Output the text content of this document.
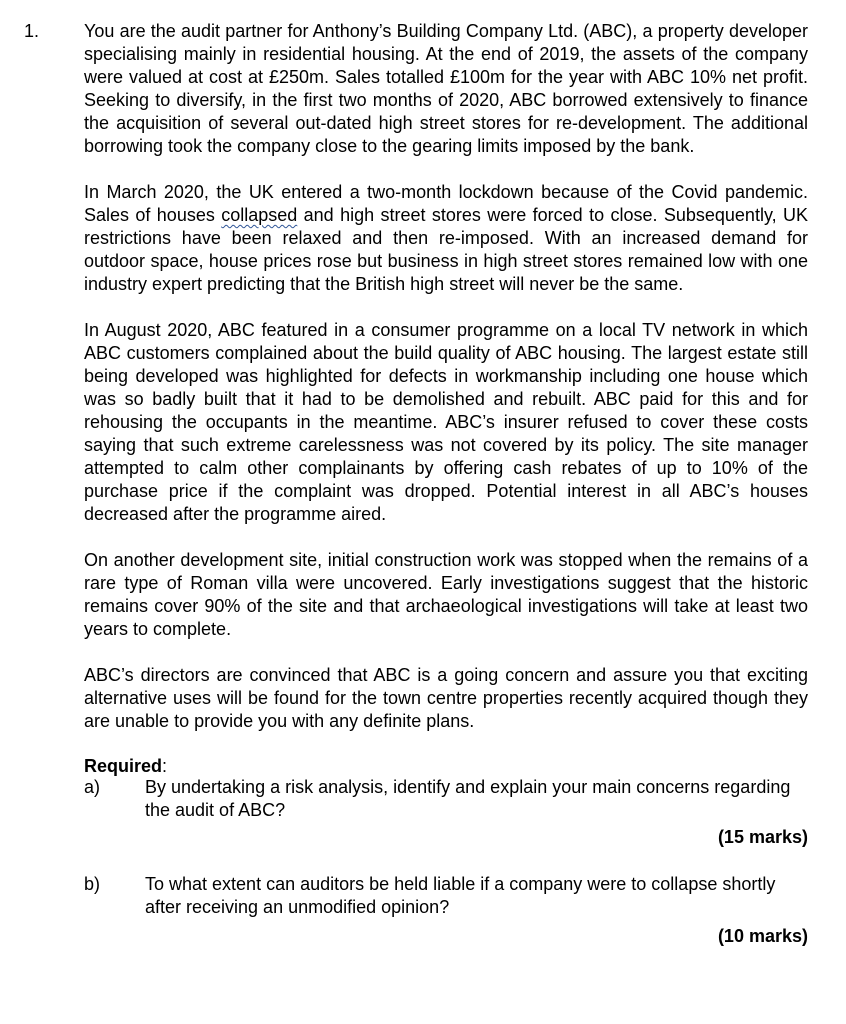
1. You are the audit partner for Anthony’s Building Company Ltd. (ABC), a property developer specialising mainly in residential housing. At the end of 2019, the assets of the company were valued at cost at £250m. Sales totalled £100m for the year with ABC 10% net profit. Seeking to diversify, in the first two months of 2020, ABC borrowed extensively to finance the acquisition of several out-dated high street stores for re-development. The additional borrowing took the company close to the gearing limits imposed by the bank.

In March 2020, the UK entered a two-month lockdown because of the Covid pandemic. Sales of houses collapsed and high street stores were forced to close. Subsequently, UK restrictions have been relaxed and then re-imposed. With an increased demand for outdoor space, house prices rose but business in high street stores remained low with one industry expert predicting that the British high street will never be the same.

In August 2020, ABC featured in a consumer programme on a local TV network in which ABC customers complained about the build quality of ABC housing. The largest estate still being developed was highlighted for defects in workmanship including one house which was so badly built that it had to be demolished and rebuilt. ABC paid for this and for rehousing the occupants in the meantime. ABC’s insurer refused to cover these costs saying that such extreme carelessness was not covered by its policy. The site manager attempted to calm other complainants by offering cash rebates of up to 10% of the purchase price if the complaint was dropped. Potential interest in all ABC’s houses decreased after the programme aired.

On another development site, initial construction work was stopped when the remains of a rare type of Roman villa were uncovered. Early investigations suggest that the historic remains cover 90% of the site and that archaeological investigations will take at least two years to complete.

ABC’s directors are convinced that ABC is a going concern and assure you that exciting alternative uses will be found for the town centre properties recently acquired though they are unable to provide you with any definite plans.

Required:
a)	By undertaking a risk analysis, identify and explain your main concerns regarding the audit of ABC?
(15 marks)
b)	To what extent can auditors be held liable if a company were to collapse shortly after receiving an unmodified opinion?
(10 marks)
